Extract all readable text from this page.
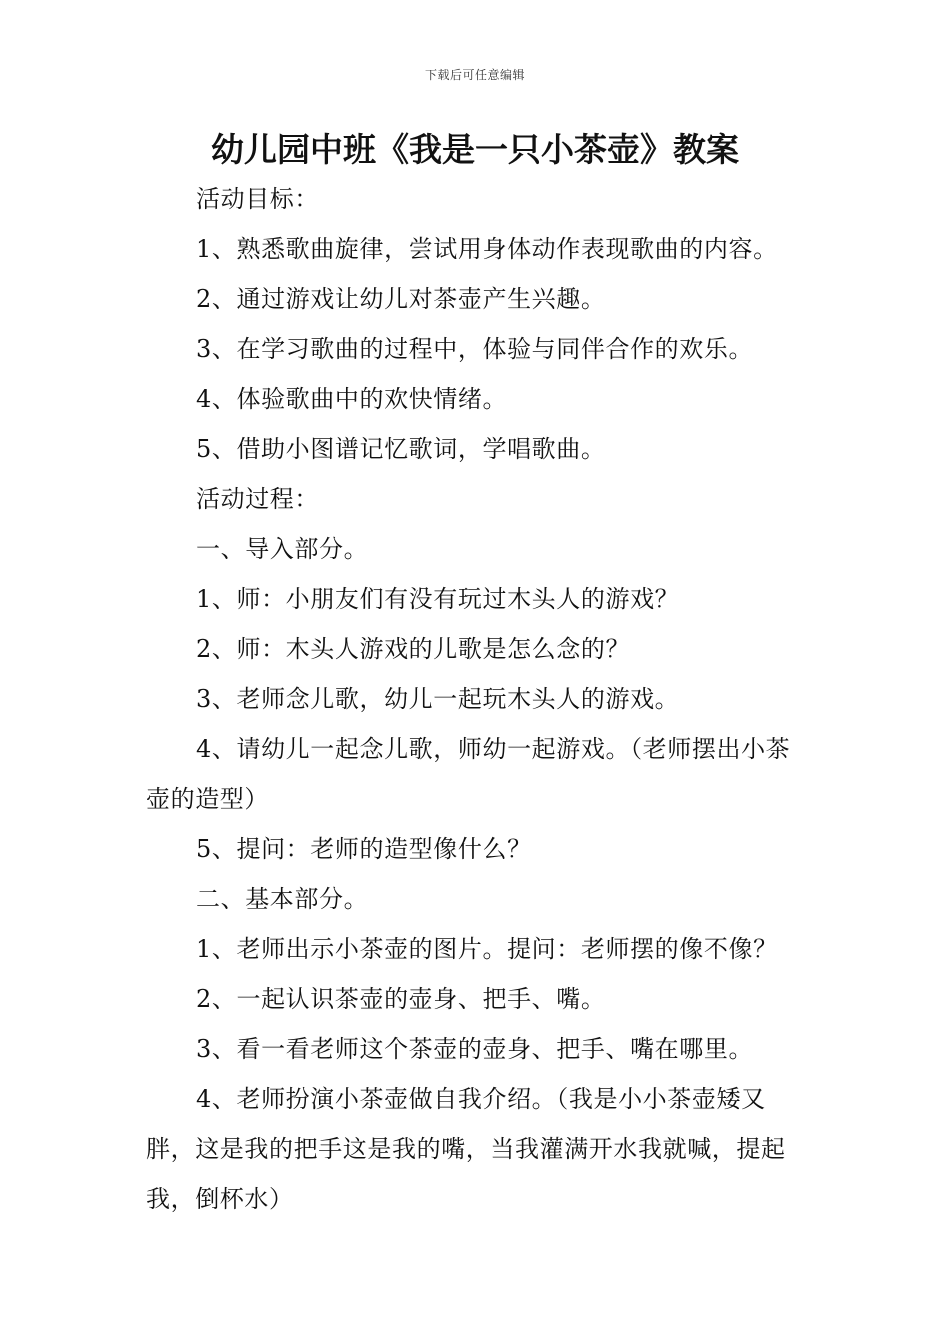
下载后可任意编辑
幼儿园中班《我是一只小茶壶》教案

活动目标：

1、熟悉歌曲旋律，尝试用身体动作表现歌曲的内容。

2、通过游戏让幼儿对茶壶产生兴趣。

3、在学习歌曲的过程中，体验与同伴合作的欢乐。

4、体验歌曲中的欢快情绪。

5、借助小图谱记忆歌词，学唱歌曲。

活动过程：

一、导入部分。

1、师：小朋友们有没有玩过木头人的游戏？

2、师：木头人游戏的儿歌是怎么念的？

3、老师念儿歌，幼儿一起玩木头人的游戏。

4、请幼儿一起念儿歌，师幼一起游戏。（老师摆出小茶壶的造型）

5、提问：老师的造型像什么？

二、基本部分。

1、老师出示小茶壶的图片。提问：老师摆的像不像？

2、一起认识茶壶的壶身、把手、嘴。

3、看一看老师这个茶壶的壶身、把手、嘴在哪里。

4、老师扮演小茶壶做自我介绍。（我是小小茶壶矮又胖，这是我的把手这是我的嘴，当我灌满开水我就喊，提起我，倒杯水）
